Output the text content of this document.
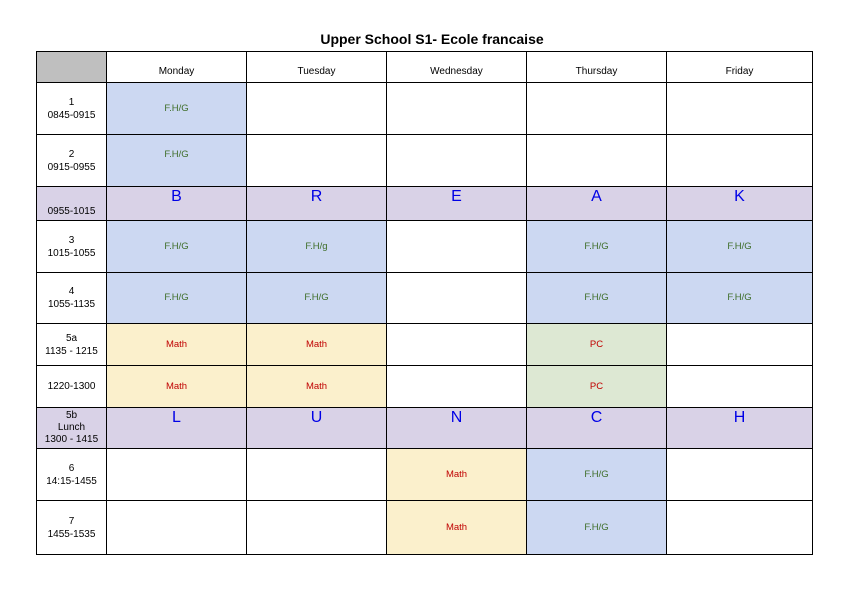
Upper School S1- Ecole francaise
	Monday	Tuesday	Wednesday	Thursday	Friday

1
0845-0915	F.H/G				

2
0915-0955	F.H/G				

0955-1015	B	R	E	A	K

3
1015-1055	F.H/G	F.H/g		F.H/G	F.H/G

4
1055-1135	F.H/G	F.H/G		F.H/G	F.H/G

5a
1135 - 1215	Math	Math		PC	

1220-1300	Math	Math		PC	

5b
Lunch
1300 - 1415	L	U	N	C	H

6
14:15-1455			Math	F.H/G	

7
1455-1535			Math	F.H/G	
